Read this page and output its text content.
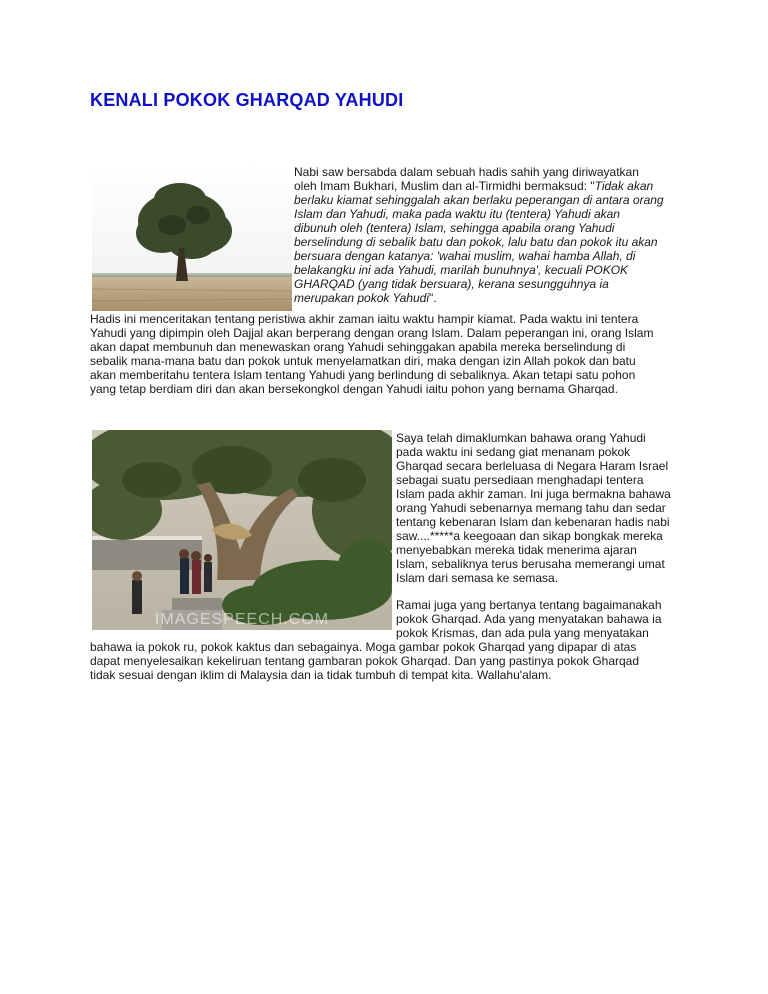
KENALI POKOK GHARQAD YAHUDI
Nabi saw bersabda dalam sebuah hadis sahih yang diriwayatkan
oleh Imam Bukhari, Muslim dan al-Tirmidhi bermaksud: "Tidak akan
berlaku kiamat sehinggalah akan berlaku peperangan di antara orang
Islam dan Yahudi, maka pada waktu itu (tentera) Yahudi akan
dibunuh oleh (tentera) Islam, sehingga apabila orang Yahudi
berselindung di sebalik batu dan pokok, lalu batu dan pokok itu akan
bersuara dengan katanya: 'wahai muslim, wahai hamba Allah, di
belakangku ini ada Yahudi, marilah bunuhnya', kecuali POKOK
GHARQAD (yang tidak bersuara), kerana sesungguhnya ia
merupakan pokok Yahudi".
Hadis ini menceritakan tentang peristiwa akhir zaman iaitu waktu hampir kiamat. Pada waktu ini tentera
Yahudi yang dipimpin oleh Dajjal akan berperang dengan orang Islam. Dalam peperangan ini, orang Islam
akan dapat membunuh dan menewaskan orang Yahudi sehinggakan apabila mereka berselindung di
sebalik mana-mana batu dan pokok untuk menyelamatkan diri, maka dengan izin Allah pokok dan batu
akan memberitahu tentera Islam tentang Yahudi yang berlindung di sebaliknya. Akan tetapi satu pohon
yang tetap berdiam diri dan akan bersekongkol dengan Yahudi iaitu pohon yang bernama Gharqad.
IMAGESPEECH.COM
Saya telah dimaklumkan bahawa orang Yahudi
pada waktu ini sedang giat menanam pokok
Gharqad secara berleluasa di Negara Haram Israel
sebagai suatu persediaan menghadapi tentera
Islam pada akhir zaman. Ini juga bermakna bahawa
orang Yahudi sebenarnya memang tahu dan sedar
tentang kebenaran Islam dan kebenaran hadis nabi
saw....*****a keegoaan dan sikap bongkak mereka
menyebabkan mereka tidak menerima ajaran
Islam, sebaliknya terus berusaha memerangi umat
Islam dari semasa ke semasa.
Ramai juga yang bertanya tentang bagaimanakah
pokok Gharqad. Ada yang menyatakan bahawa ia
pokok Krismas, dan ada pula yang menyatakan
bahawa ia pokok ru, pokok kaktus dan sebagainya. Moga gambar pokok Gharqad yang dipapar di atas
dapat menyelesaikan kekeliruan tentang gambaran pokok Gharqad. Dan yang pastinya pokok Gharqad
tidak sesuai dengan iklim di Malaysia dan ia tidak tumbuh di tempat kita. Wallahu'alam.
